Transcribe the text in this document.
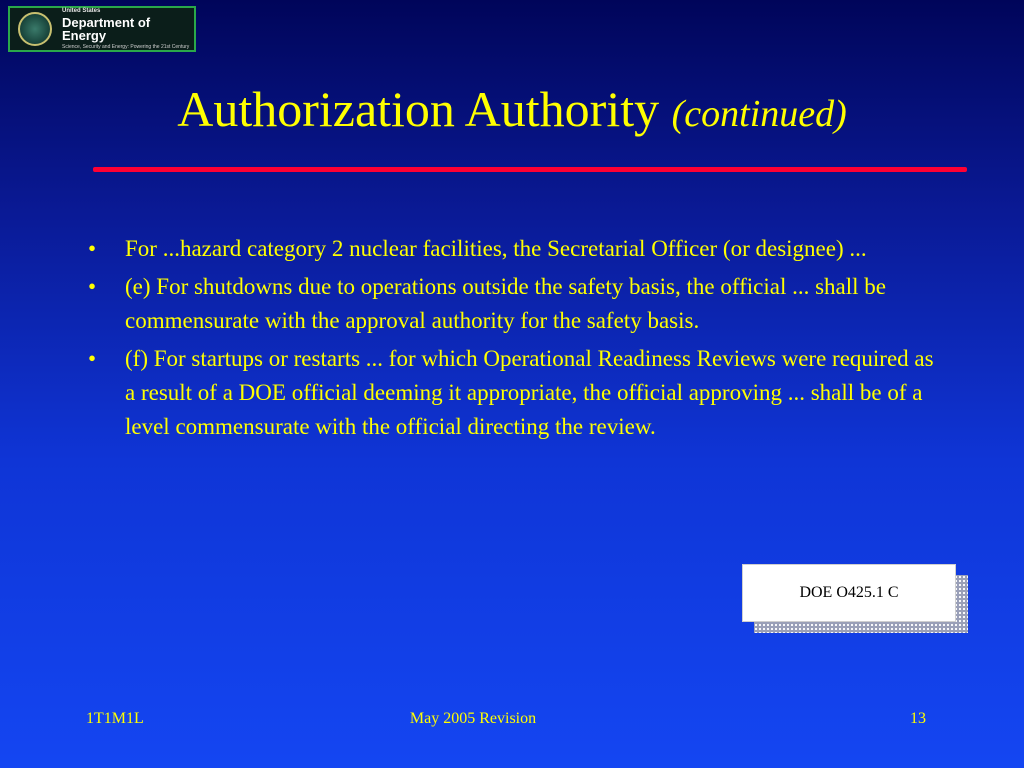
United States
Department of Energy
Science, Security and Energy: Powering the 21st Century
Authorization Authority (continued)
• For ...hazard category 2 nuclear facilities, the Secretarial Officer (or designee) ...
• (e) For shutdowns due to operations outside the safety basis, the official ... shall be commensurate with the approval authority for the safety basis.
• (f) For startups or restarts ... for which Operational Readiness Reviews were required as a result of a DOE official deeming it appropriate, the official approving ... shall be of a level commensurate with the official directing the review.
DOE O425.1 C
1T1M1L	May 2005 Revision	13
